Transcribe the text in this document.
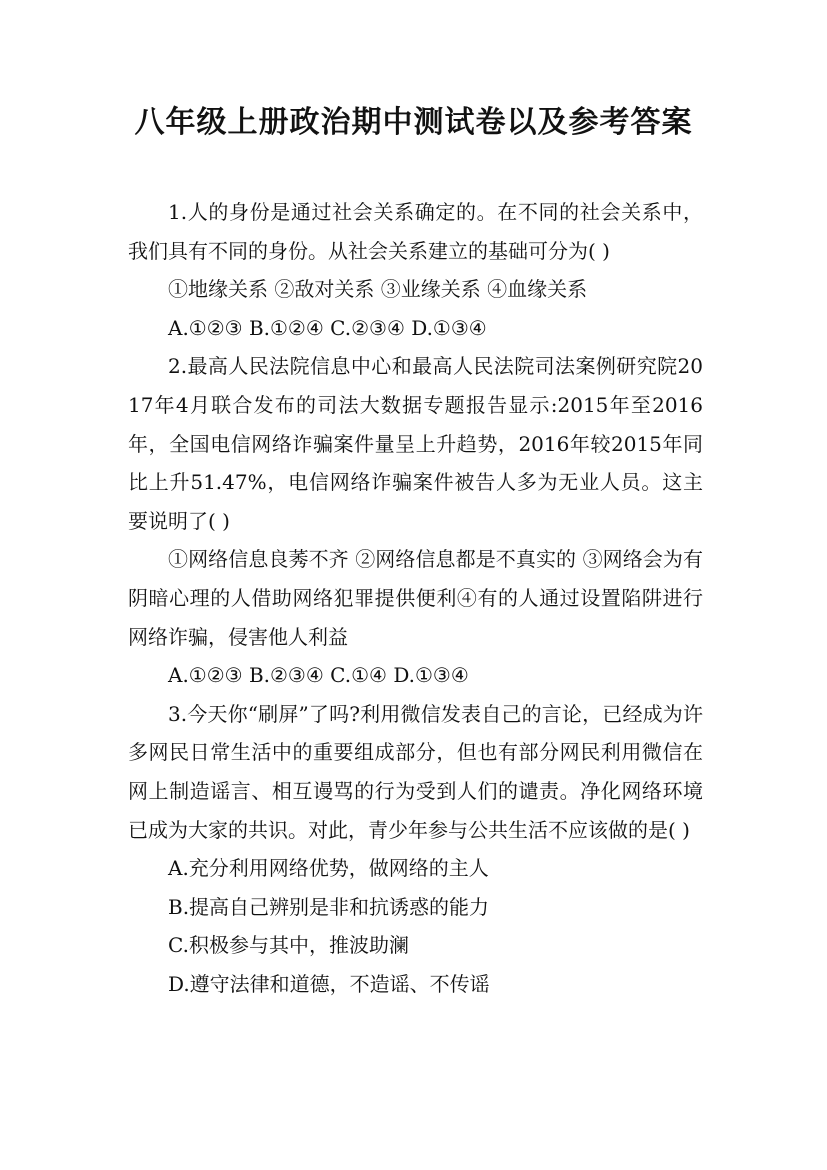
八年级上册政治期中测试卷以及参考答案

1.人的身份是通过社会关系确定的。在不同的社会关系中，我们具有不同的身份。从社会关系建立的基础可分为( )

①地缘关系 ②敌对关系 ③业缘关系 ④血缘关系

A.①②③ B.①②④ C.②③④ D.①③④

2.最高人民法院信息中心和最高人民法院司法案例研究院2017年4月联合发布的司法大数据专题报告显示:2015年至2016年，全国电信网络诈骗案件量呈上升趋势，2016年较2015年同比上升51.47%，电信网络诈骗案件被告人多为无业人员。这主要说明了( )

①网络信息良莠不齐 ②网络信息都是不真实的 ③网络会为有阴暗心理的人借助网络犯罪提供便利④有的人通过设置陷阱进行网络诈骗，侵害他人利益

A.①②③ B.②③④ C.①④ D.①③④

3.今天你“刷屏”了吗?利用微信发表自己的言论，已经成为许多网民日常生活中的重要组成部分，但也有部分网民利用微信在网上制造谣言、相互谩骂的行为受到人们的谴责。净化网络环境已成为大家的共识。对此，青少年参与公共生活不应该做的是( )

A.充分利用网络优势，做网络的主人

B.提高自己辨别是非和抗诱惑的能力

C.积极参与其中，推波助澜

D.遵守法律和道德，不造谣、不传谣
